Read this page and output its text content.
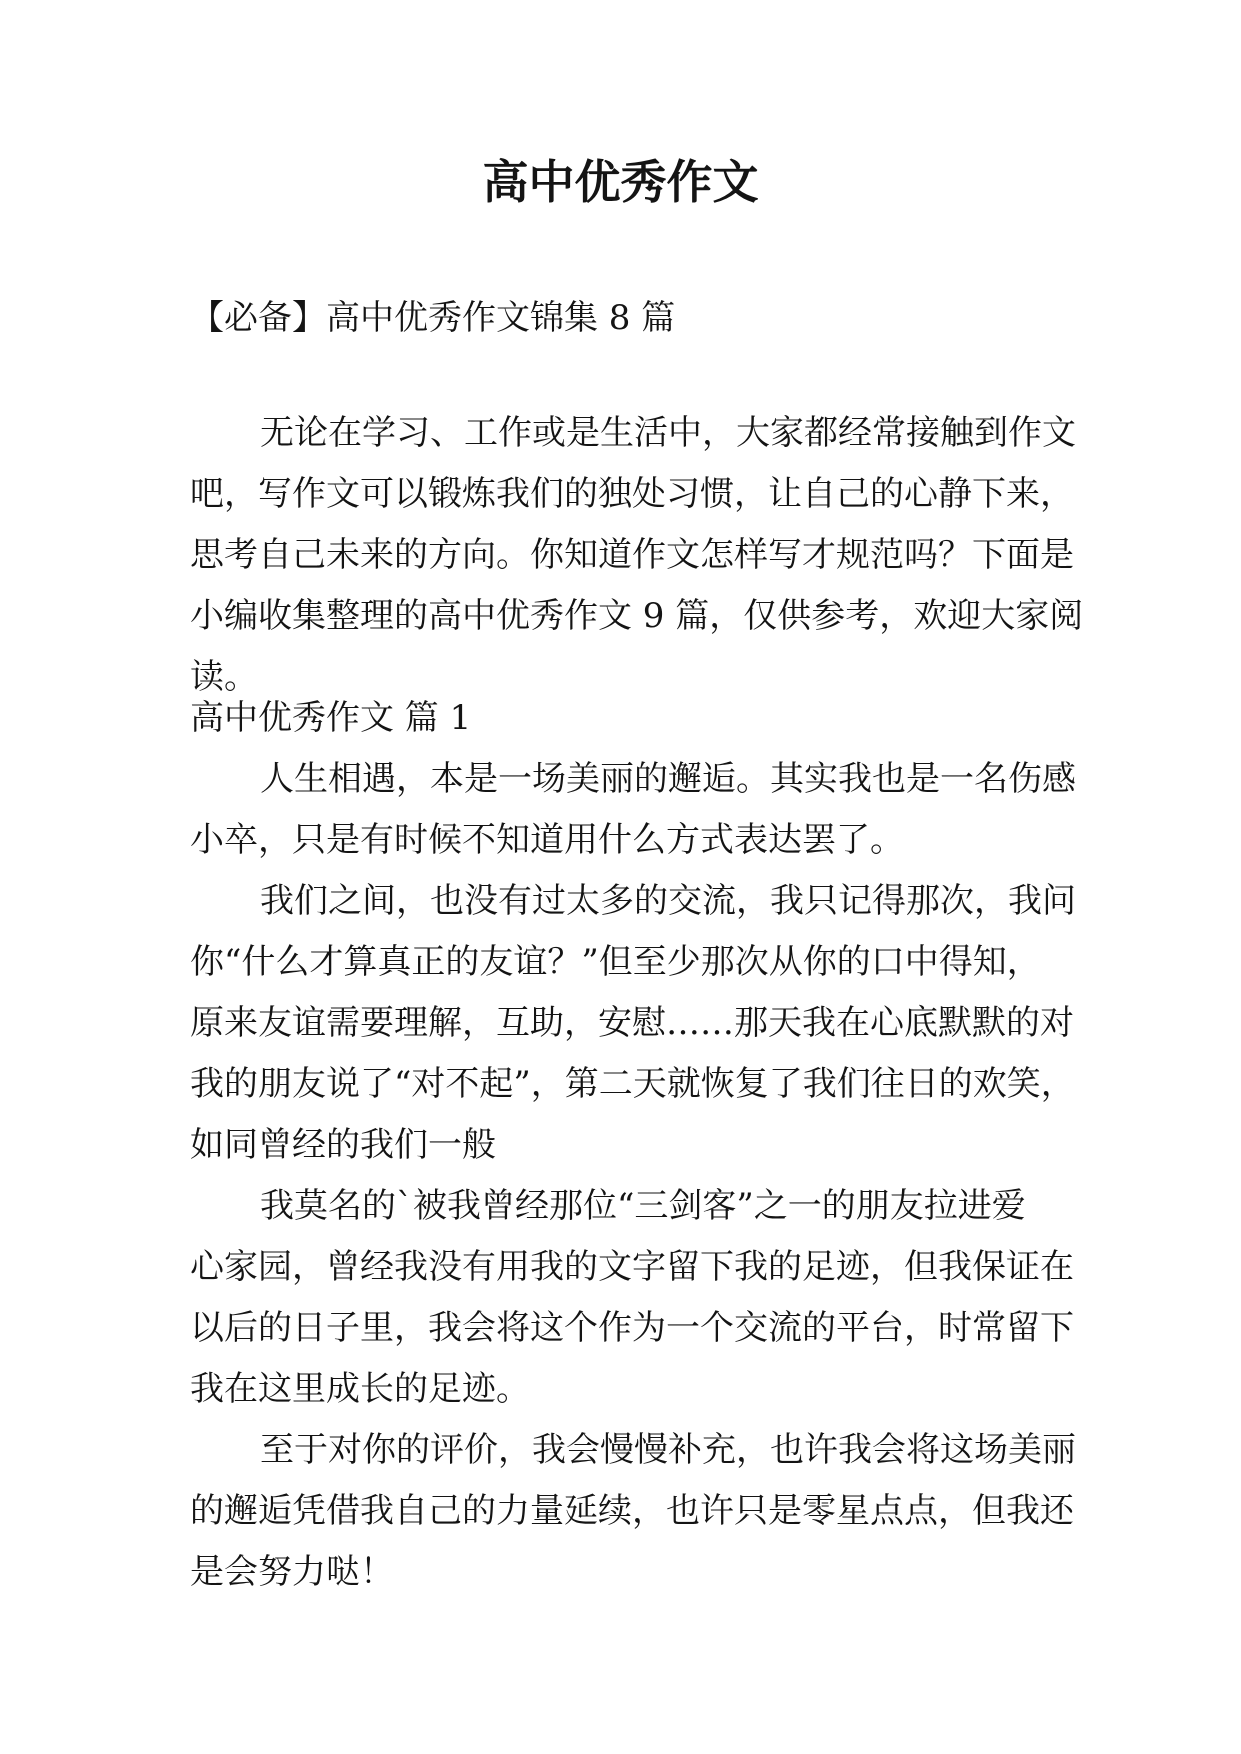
高中优秀作文

【必备】高中优秀作文锦集 8 篇

无论在学习、工作或是生活中，大家都经常接触到作文
吧，写作文可以锻炼我们的独处习惯，让自己的心静下来，
思考自己未来的方向。你知道作文怎样写才规范吗？下面是
小编收集整理的高中优秀作文 9 篇，仅供参考，欢迎大家阅
读。

高中优秀作文 篇 1

人生相遇，本是一场美丽的邂逅。其实我也是一名伤感
小卒，只是有时候不知道用什么方式表达罢了。
我们之间，也没有过太多的交流，我只记得那次，我问
你“什么才算真正的友谊？”但至少那次从你的口中得知，
原来友谊需要理解，互助，安慰……那天我在心底默默的对
我的朋友说了“对不起”，第二天就恢复了我们往日的欢笑，
如同曾经的我们一般
我莫名的`被我曾经那位“三剑客”之一的朋友拉进爱
心家园，曾经我没有用我的文字留下我的足迹，但我保证在
以后的日子里，我会将这个作为一个交流的平台，时常留下
我在这里成长的足迹。
至于对你的评价，我会慢慢补充，也许我会将这场美丽
的邂逅凭借我自己的力量延续，也许只是零星点点，但我还
是会努力哒！
